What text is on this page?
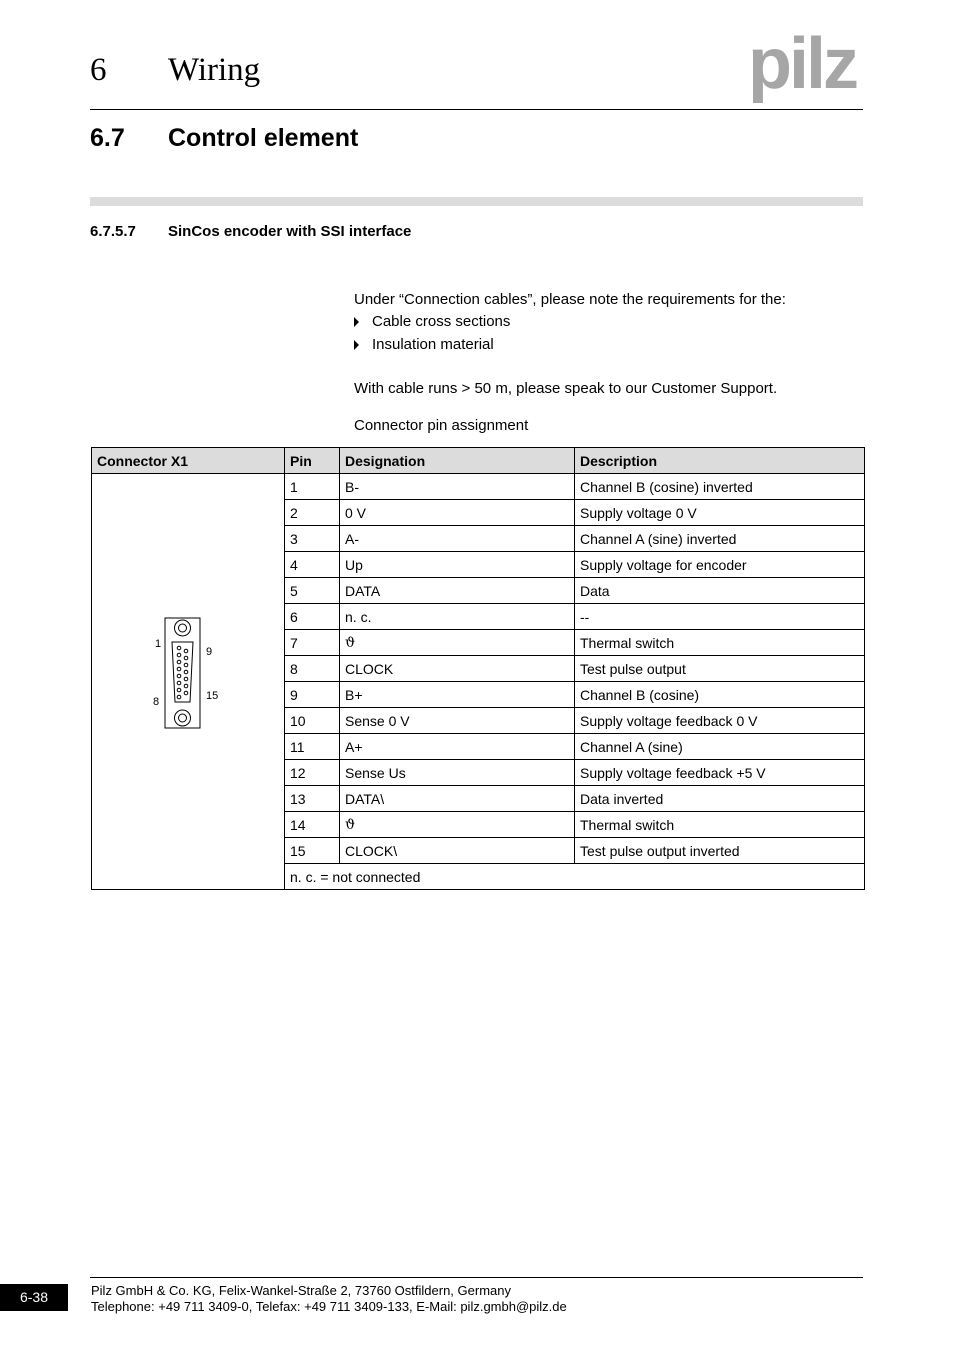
6 Wiring	pilz
6.7 Control element
6.7.5.7 SinCos encoder with SSI interface
Under “Connection cables”, please note the requirements for the:
Cable cross sections
Insulation material
With cable runs > 50 m, please speak to our Customer Support.
Connector pin assignment
Connector X1	Pin	Designation	Description

1
8
9
15	1	B-	Channel B (cosine) inverted
	2	0 V	Supply voltage 0 V
	3	A-	Channel A (sine) inverted
	4	Up	Supply voltage for encoder
	5	DATA	Data
	6	n. c.	--
	7	ϑ	Thermal switch
	8	CLOCK	Test pulse output
	9	B+	Channel B (cosine)
	10	Sense 0 V	Supply voltage feedback 0 V
	11	A+	Channel A (sine)
	12	Sense Us	Supply voltage feedback +5 V
	13	DATA\	Data inverted
	14	ϑ	Thermal switch
	15	CLOCK\	Test pulse output inverted
	n. c. = not connected		
6-38	Pilz GmbH & Co. KG, Felix-Wankel-Straße 2, 73760 Ostfildern, Germany
Telephone: +49 711 3409-0, Telefax: +49 711 3409-133, E-Mail: pilz.gmbh@pilz.de
